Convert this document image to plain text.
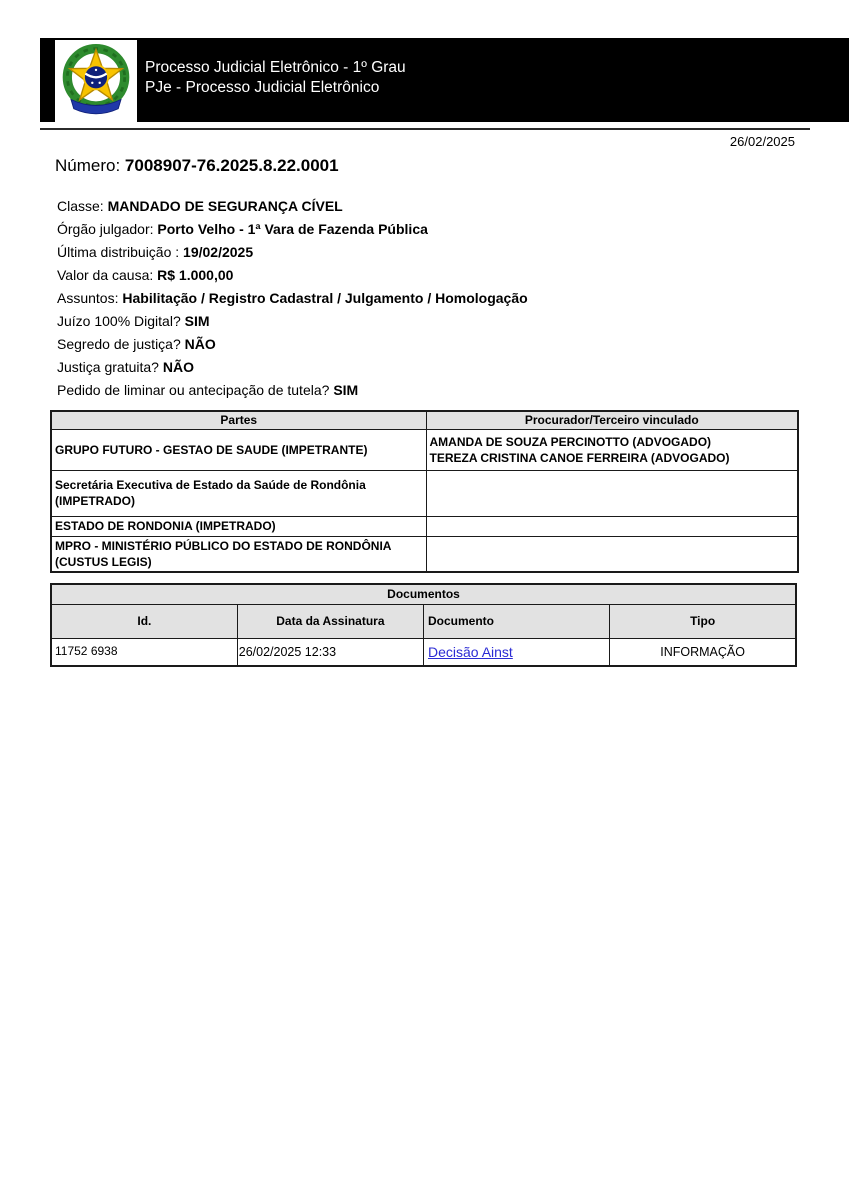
Processo Judicial Eletrônico - 1º Grau
PJe - Processo Judicial Eletrônico
26/02/2025
Número: 7008907-76.2025.8.22.0001
Classe: MANDADO DE SEGURANÇA CÍVEL
Órgão julgador: Porto Velho - 1ª Vara de Fazenda Pública
Última distribuição : 19/02/2025
Valor da causa: R$ 1.000,00
Assuntos: Habilitação / Registro Cadastral / Julgamento / Homologação
Juízo 100% Digital? SIM
Segredo de justiça? NÃO
Justiça gratuita? NÃO
Pedido de liminar ou antecipação de tutela? SIM
Partes	Procurador/Terceiro vinculado
GRUPO FUTURO - GESTAO DE SAUDE (IMPETRANTE)	AMANDA DE SOUZA PERCINOTTO (ADVOGADO)
TEREZA CRISTINA CANOE FERREIRA (ADVOGADO)

Secretária Executiva de Estado da Saúde de Rondônia (IMPETRADO)	
ESTADO DE RONDONIA (IMPETRADO)	
MPRO - MINISTÉRIO PÚBLICO DO ESTADO DE RONDÔNIA (CUSTUS LEGIS)	
Documentos			
Id.	Data da Assinatura	Documento	Tipo
11752 6938	26/02/2025 12:33	Decisão Ainst	INFORMAÇÃO
